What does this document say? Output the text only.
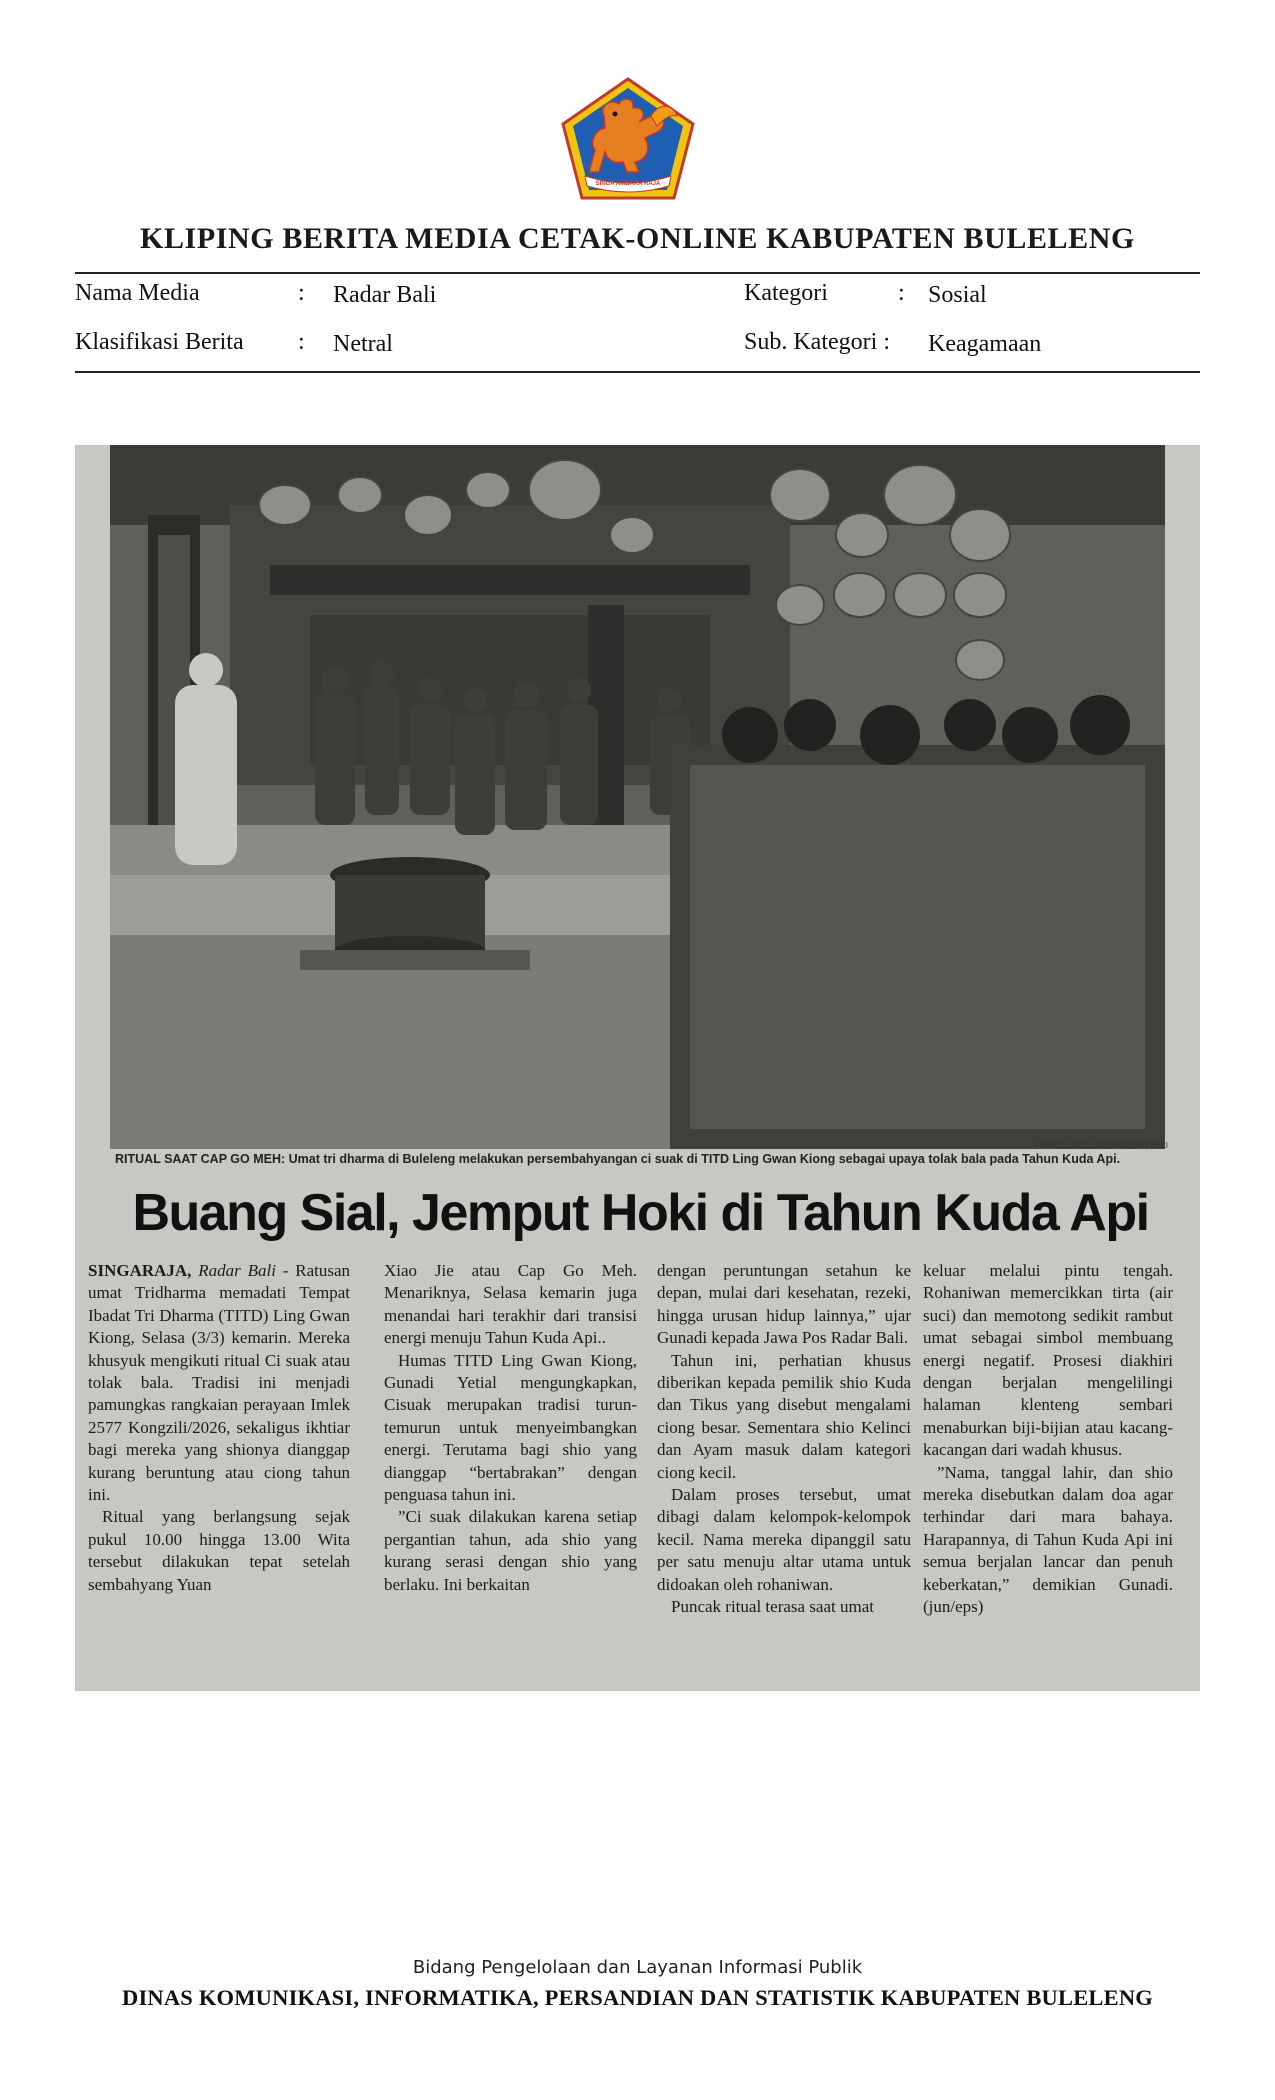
SINGA AMBARA RAJA
KLIPING BERITA MEDIA CETAK-ONLINE KABUPATEN BULELENG
Nama Media	: Radar Bali	Kategori	: Sosial
Klasifikasi Berita : Netral	Sub. Kategori : Keagamaan
FRANCELINO JUNIOR/RADAR BALI
RITUAL SAAT CAP GO MEH: Umat tri dharma di Buleleng melakukan persembahyangan ci suak di TITD Ling Gwan Kiong sebagai upaya tolak bala pada Tahun Kuda Api.
Buang Sial, Jemput Hoki di Tahun Kuda Api

SINGARAJA, Radar Bali - Ratusan umat Tridharma memadati Tempat Ibadat Tri Dharma (TITD) Ling Gwan Kiong, Selasa (3/3) kemarin. Mereka khusyuk mengikuti ritual Ci suak atau tolak bala. Tradisi ini menjadi pamungkas rangkaian perayaan Imlek 2577 Kongzili/2026, sekaligus ikhtiar bagi mereka yang shionya dianggap kurang beruntung atau ciong tahun ini.

Ritual yang berlangsung sejak pukul 10.00 hingga 13.00 Wita tersebut dilakukan tepat setelah sembahyang Yuan

Xiao Jie atau Cap Go Meh. Menariknya, Selasa kemarin juga menandai hari terakhir dari transisi energi menuju Tahun Kuda Api..

Humas TITD Ling Gwan Kiong, Gunadi Yetial mengungkapkan, Cisuak merupakan tradisi turun-temurun untuk menyeimbangkan energi. Terutama bagi shio yang dianggap “bertabrakan” dengan penguasa tahun ini.

”Ci suak dilakukan karena setiap pergantian tahun, ada shio yang kurang serasi dengan shio yang berlaku. Ini berkaitan

dengan peruntungan setahun ke depan, mulai dari kesehatan, rezeki, hingga urusan hidup lainnya,” ujar Gunadi kepada Jawa Pos Radar Bali.

Tahun ini, perhatian khusus diberikan kepada pemilik shio Kuda dan Tikus yang disebut mengalami ciong besar. Sementara shio Kelinci dan Ayam masuk dalam kategori ciong kecil.

Dalam proses tersebut, umat dibagi dalam kelompok-kelompok kecil. Nama mereka dipanggil satu per satu menuju altar utama untuk didoakan oleh rohaniwan.

Puncak ritual terasa saat umat

keluar melalui pintu tengah. Rohaniwan memercikkan tirta (air suci) dan memotong sedikit rambut umat sebagai simbol membuang energi negatif. Prosesi diakhiri dengan berjalan mengelilingi halaman klenteng sembari menaburkan biji-bijian atau kacang-kacangan dari wadah khusus.

”Nama, tanggal lahir, dan shio mereka disebutkan dalam doa agar terhindar dari mara bahaya. Harapannya, di Tahun Kuda Api ini semua berjalan lancar dan penuh keberkatan,” demikian Gunadi. (jun/eps)

Bidang Pengelolaan dan Layanan Informasi Publik
DINAS KOMUNIKASI, INFORMATIKA, PERSANDIAN DAN STATISTIK KABUPATEN BULELENG
